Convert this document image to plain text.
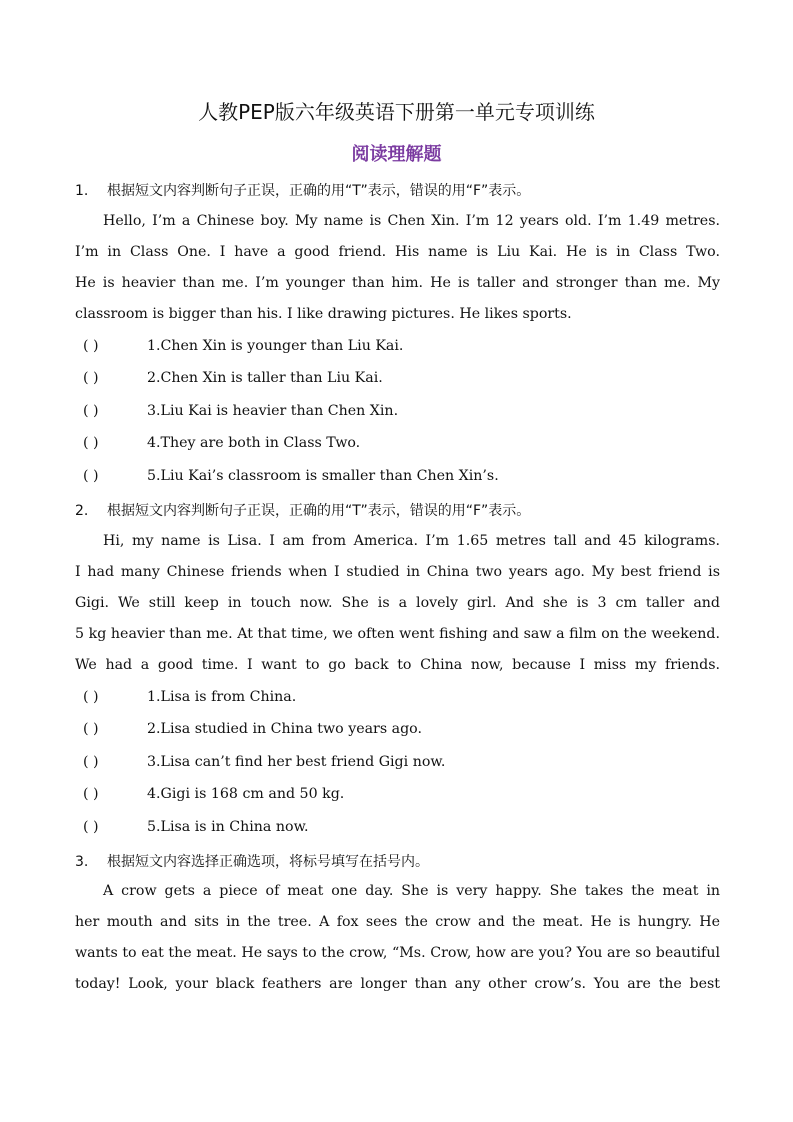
人教PEP版六年级英语下册第一单元专项训练
阅读理解题
1. 根据短文内容判断句子正误，正确的用“T”表示，错误的用“F”表示。
Hello, I’m a Chinese boy. My name is Chen Xin. I’m 12 years old. I’m 1.49 metres.
I’m in Class One. I have a good friend. His name is Liu Kai. He is in Class Two.
He is heavier than me. I’m younger than him. He is taller and stronger than me. My
classroom is bigger than his. I like drawing pictures. He likes sports.
( )	1.Chen Xin is younger than Liu Kai.
( )	2.Chen Xin is taller than Liu Kai.
( )	3.Liu Kai is heavier than Chen Xin.
( )	4.They are both in Class Two.
( )	5.Liu Kai’s classroom is smaller than Chen Xin’s.
2. 根据短文内容判断句子正误，正确的用“T”表示，错误的用“F”表示。
Hi, my name is Lisa. I am from America. I’m 1.65 metres tall and 45 kilograms.
I had many Chinese friends when I studied in China two years ago. My best friend is
Gigi. We still keep in touch now. She is a lovely girl. And she is 3 cm taller and
5 kg heavier than me. At that time, we often went fishing and saw a film on the weekend.
We had a good time. I want to go back to China now, because I miss my friends.
( )	1.Lisa is from China.
( )	2.Lisa studied in China two years ago.
( )	3.Lisa can’t find her best friend Gigi now.
( )	4.Gigi is 168 cm and 50 kg.
( )	5.Lisa is in China now.
3. 根据短文内容选择正确选项，将标号填写在括号内。
A crow gets a piece of meat one day. She is very happy. She takes the meat in
her mouth and sits in the tree. A fox sees the crow and the meat. He is hungry. He
wants to eat the meat. He says to the crow, “Ms. Crow, how are you? You are so beautiful
today! Look, your black feathers are longer than any other crow’s. You are the best
